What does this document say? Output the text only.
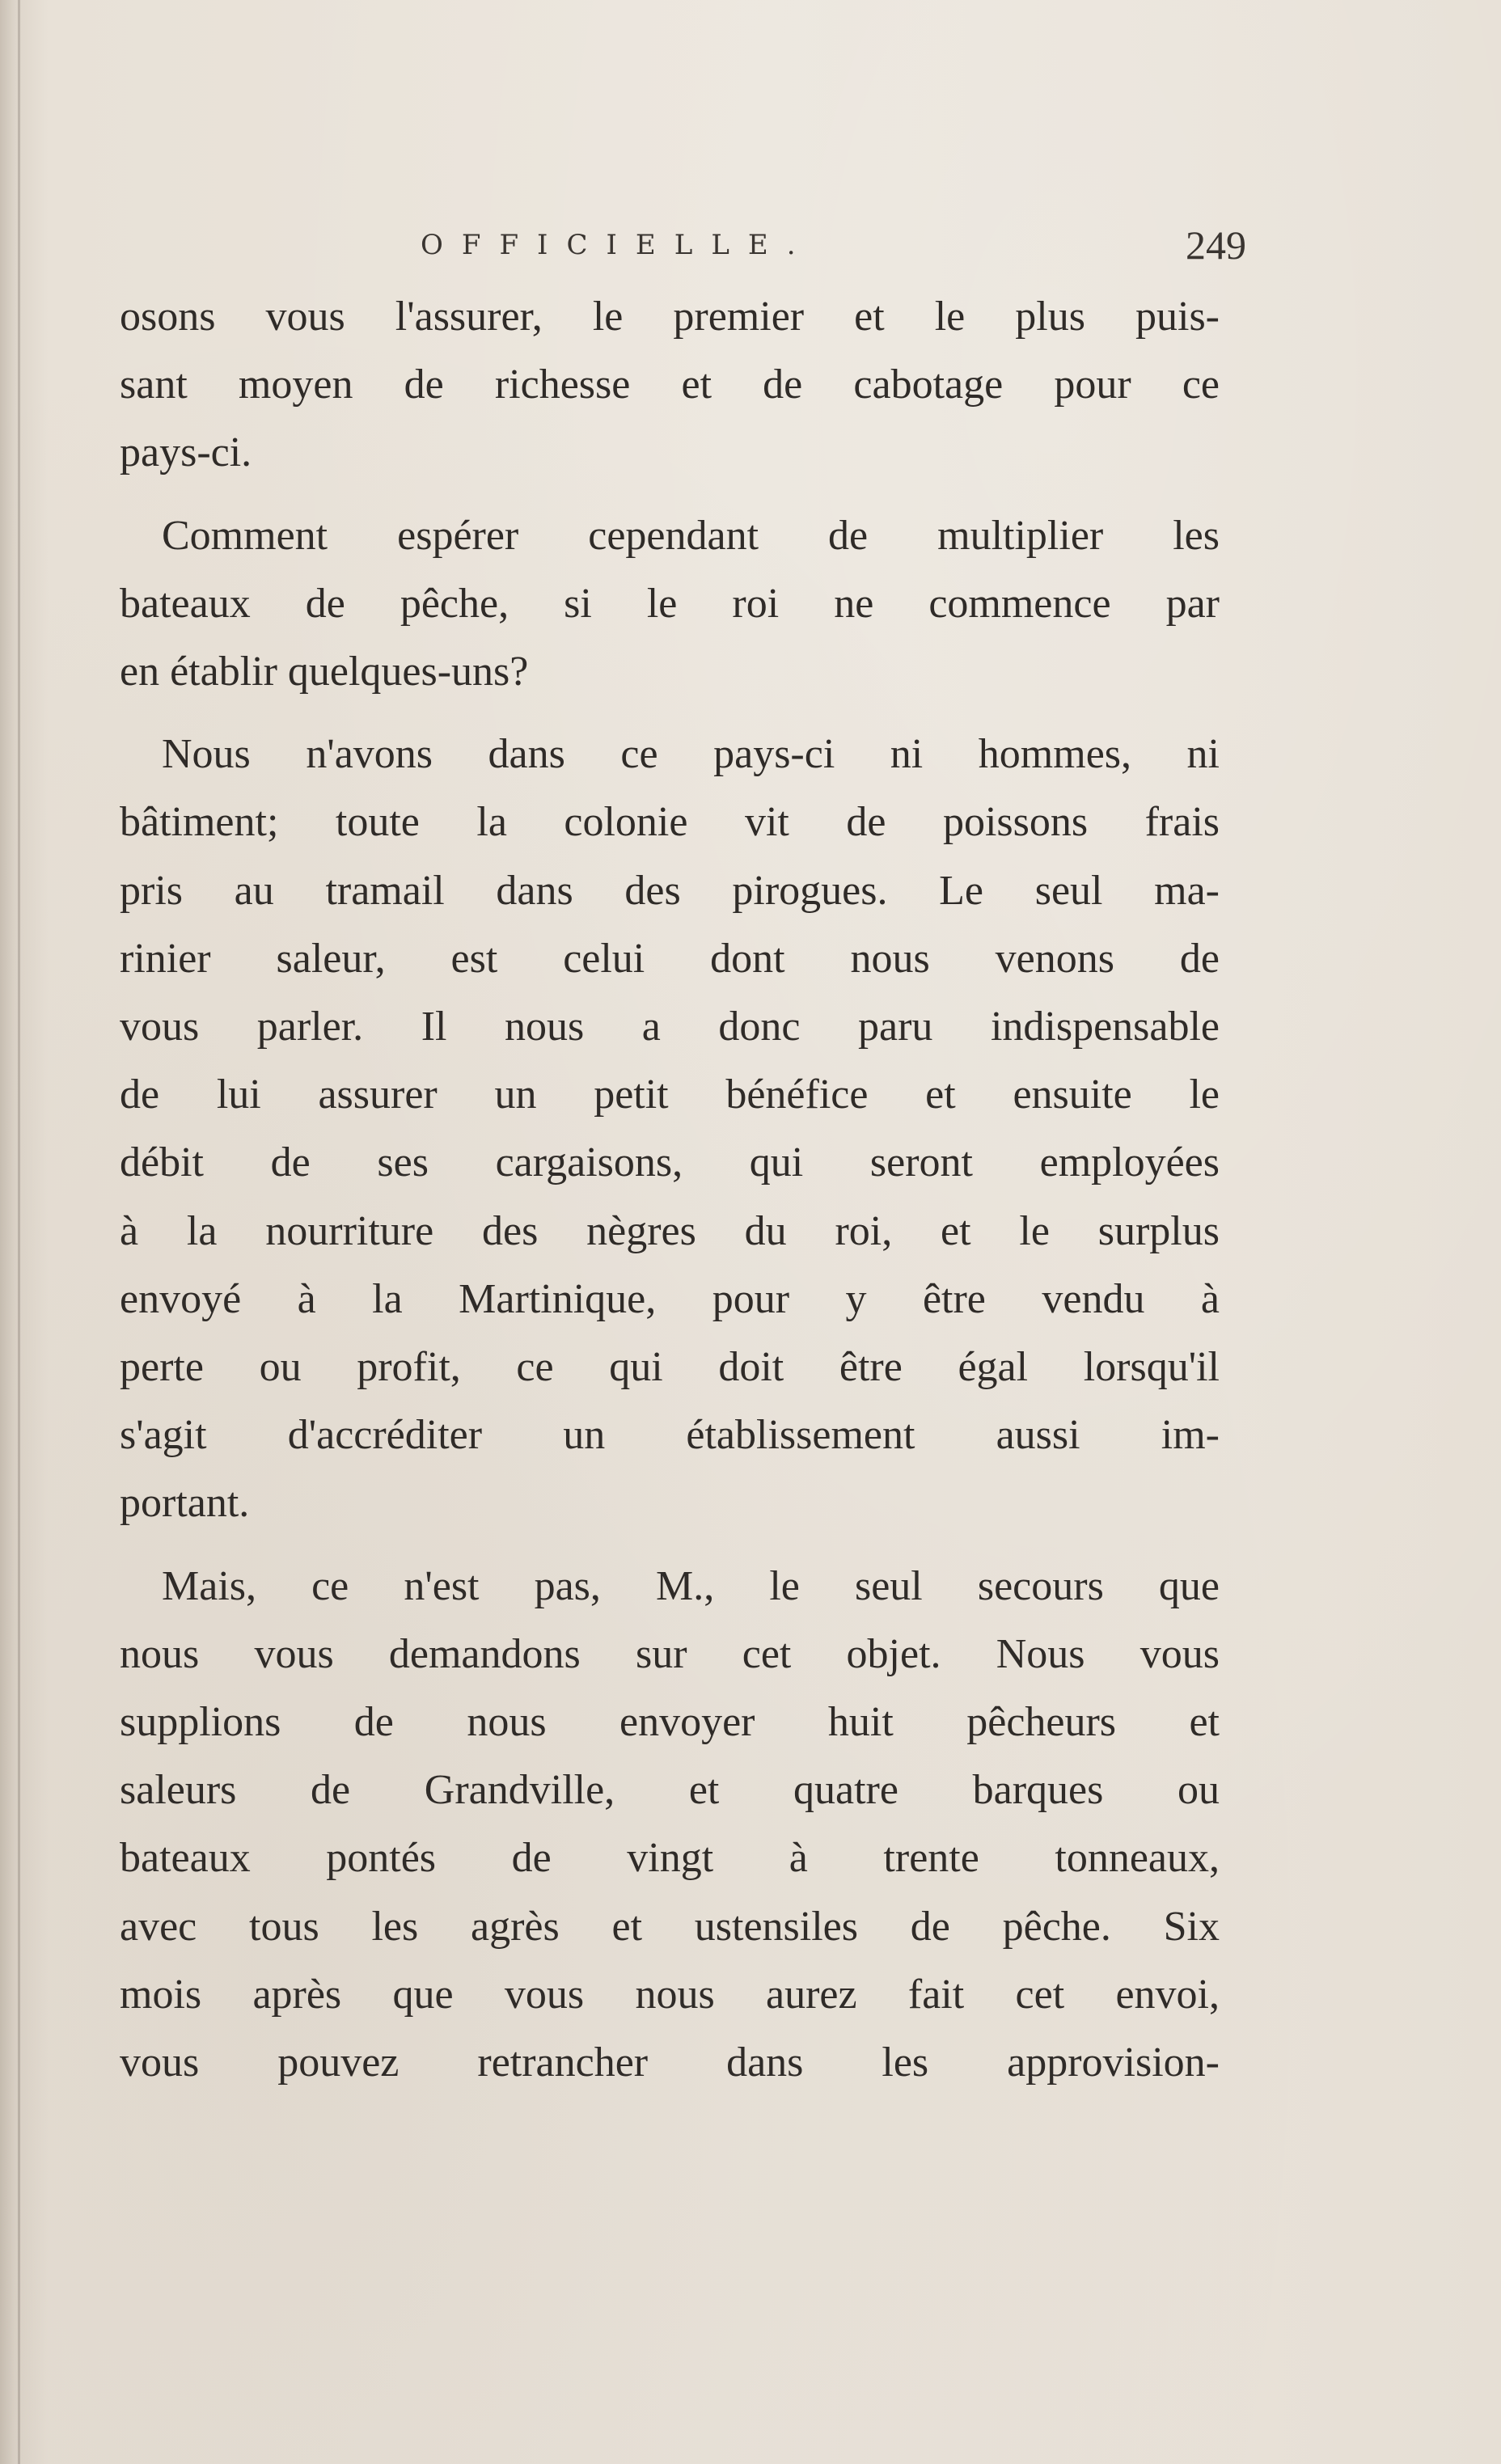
OFFICIELLE.	249
osons vous l'assurer, le premier et le plus puis-
sant moyen de richesse et de cabotage pour ce
pays-ci.
Comment espérer cependant de multiplier les
bateaux de pêche, si le roi ne commence par
en établir quelques-uns?
Nous n'avons dans ce pays-ci ni hommes, ni
bâtiment; toute la colonie vit de poissons frais
pris au tramail dans des pirogues. Le seul ma-
rinier saleur, est celui dont nous venons de
vous parler. Il nous a donc paru indispensable
de lui assurer un petit bénéfice et ensuite le
débit de ses cargaisons, qui seront employées
à la nourriture des nègres du roi, et le surplus
envoyé à la Martinique, pour y être vendu à
perte ou profit, ce qui doit être égal lorsqu'il
s'agit d'accréditer un établissement aussi im-
portant.
Mais, ce n'est pas, M., le seul secours que
nous vous demandons sur cet objet. Nous vous
supplions de nous envoyer huit pêcheurs et
saleurs de Grandville, et quatre barques ou
bateaux pontés de vingt à trente tonneaux,
avec tous les agrès et ustensiles de pêche. Six
mois après que vous nous aurez fait cet envoi,
vous pouvez retrancher dans les approvision-
